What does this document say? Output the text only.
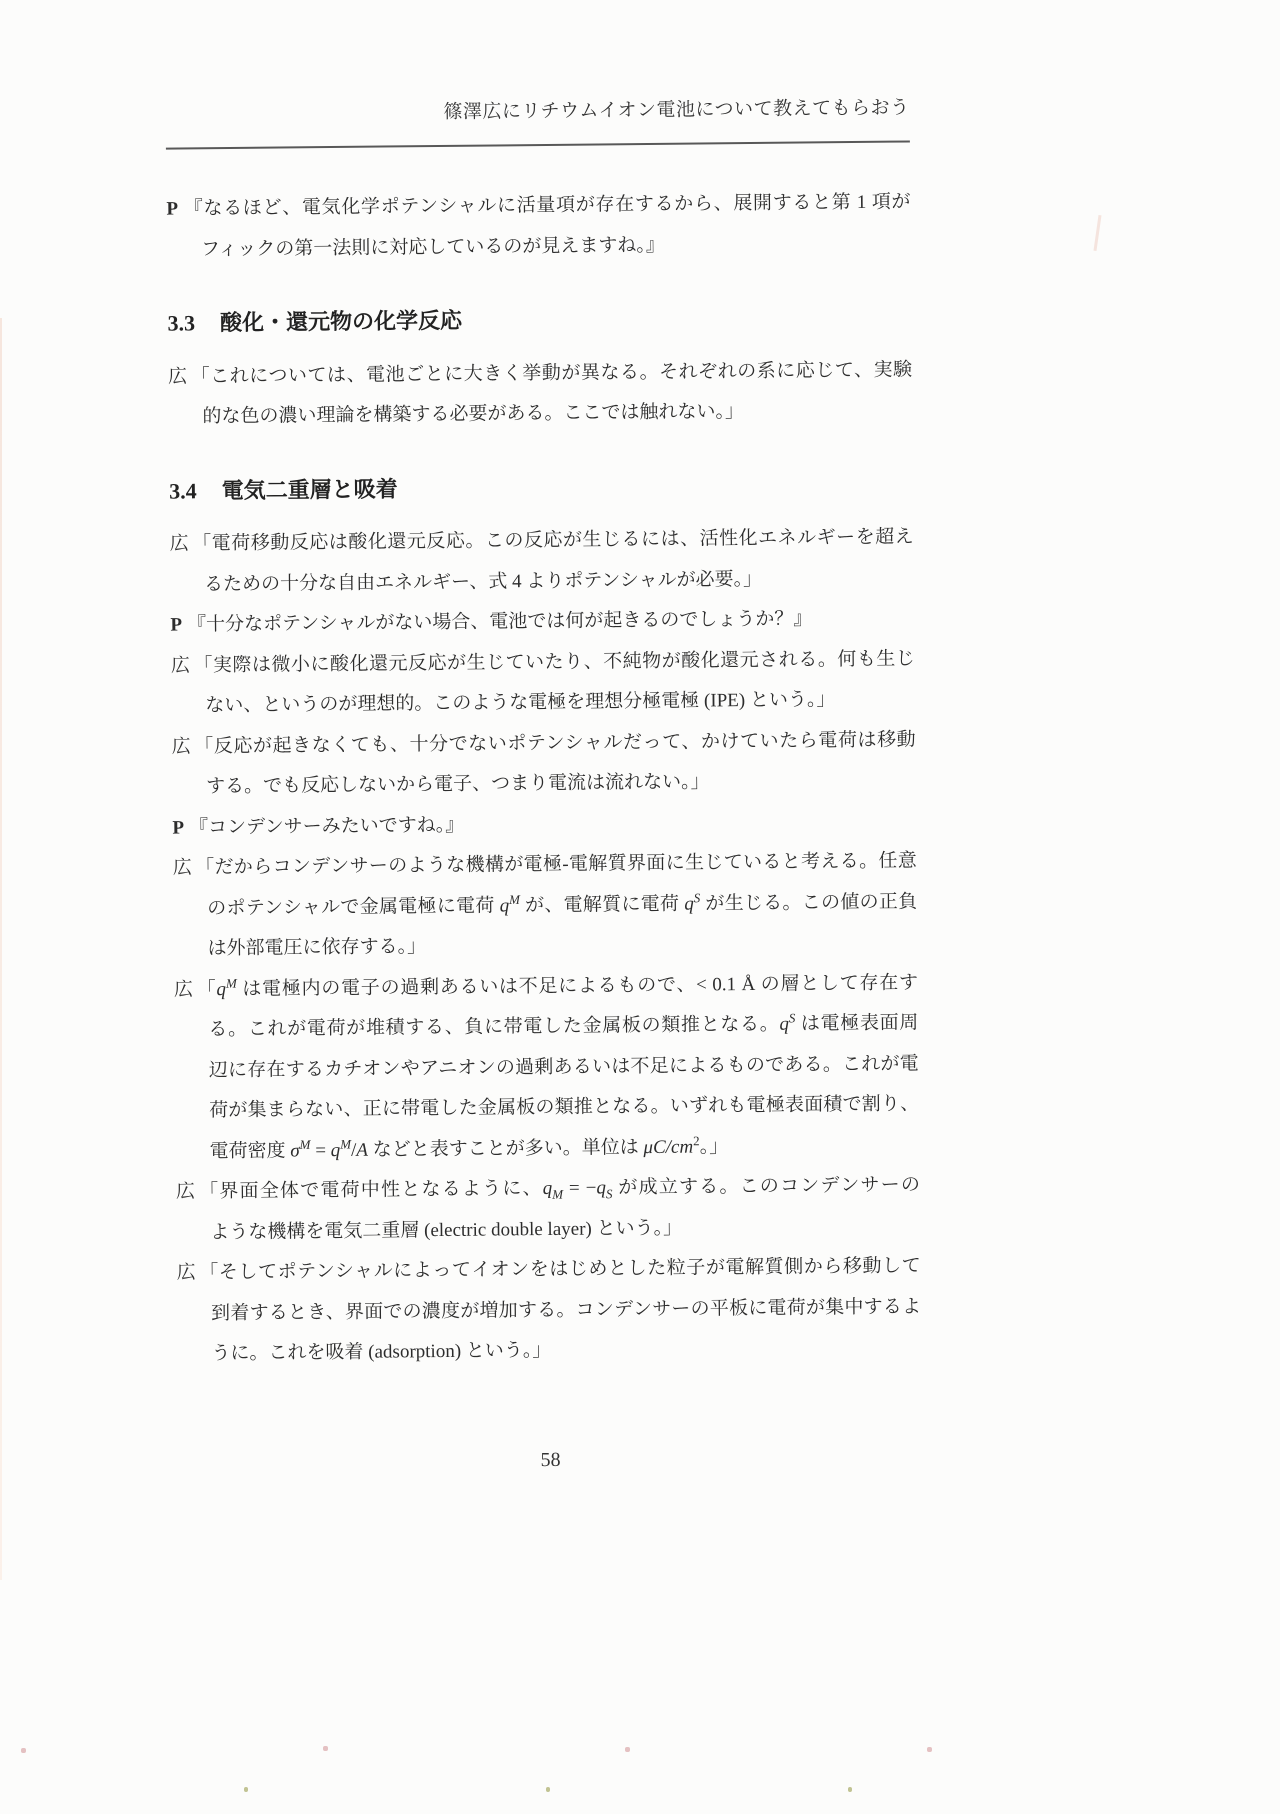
篠澤広にリチウムイオン電池について教えてもらおう
P 『なるほど、電気化学ポテンシャルに活量項が存在するから、展開すると第 1 項が
フィックの第一法則に対応しているのが見えますね。』
3.3 酸化・還元物の化学反応
広 「これについては、電池ごとに大きく挙動が異なる。それぞれの系に応じて、実験
的な色の濃い理論を構築する必要がある。ここでは触れない。」
3.4 電気二重層と吸着
広 「電荷移動反応は酸化還元反応。この反応が生じるには、活性化エネルギーを超え
るための十分な自由エネルギー、式 4 よりポテンシャルが必要。」
P 『十分なポテンシャルがない場合、電池では何が起きるのでしょうか？』
広 「実際は微小に酸化還元反応が生じていたり、不純物が酸化還元される。何も生じ
ない、というのが理想的。このような電極を理想分極電極 (IPE) という。」
広 「反応が起きなくても、十分でないポテンシャルだって、かけていたら電荷は移動
する。でも反応しないから電子、つまり電流は流れない。」
P 『コンデンサーみたいですね。』
広 「だからコンデンサーのような機構が電極-電解質界面に生じていると考える。任意
のポテンシャルで金属電極に電荷 $q^M$ が、電解質に電荷 $q^S$ が生じる。この値の正負
は外部電圧に依存する。」
広 「$q^M$ は電極内の電子の過剰あるいは不足によるもので、< 0.1 Å の層として存在す
る。これが電荷が堆積する、負に帯電した金属板の類推となる。$q^S$ は電極表面周
辺に存在するカチオンやアニオンの過剰あるいは不足によるものである。これが電
荷が集まらない、正に帯電した金属板の類推となる。いずれも電極表面積で割り、
電荷密度 $\sigma^M = q^M/A$ などと表すことが多い。単位は $\mu C/cm^2$。」
広 「界面全体で電荷中性となるように、$q_M = -q_S$ が成立する。このコンデンサーの
ような機構を電気二重層 (electric double layer) という。」
広 「そしてポテンシャルによってイオンをはじめとした粒子が電解質側から移動して
到着するとき、界面での濃度が増加する。コンデンサーの平板に電荷が集中するよ
うに。これを吸着 (adsorption) という。」
58
